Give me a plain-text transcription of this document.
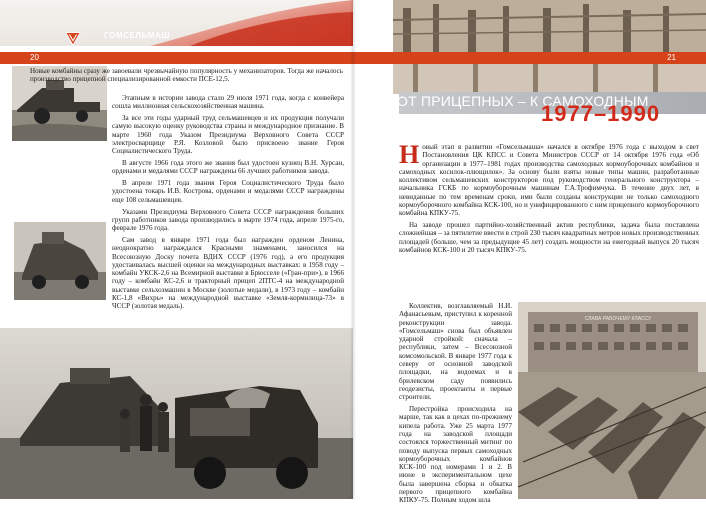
ГОМСЕЛЬМАШ
20

Новые комбайны сразу же завоевали чрезвычайную популярность у механизаторов. Тогда же началось производство прицепной специализированной емкости ПСЕ-12,5.

Этапным в истории завода стало 29 июля 1971 года, когда с конвейера сошла миллионная сельскохозяйственная машина.

За все эти годы ударный труд сельмашевцев и их продукция получали самую высокую оценку руководства страны и международное признание. В марте 1960 года Указом Президиума Верховного Совета СССР электросварщице Р.Я. Козловой было присвоено звание Героя Социалистического Труда.

В августе 1966 года этого же звания был удостоен кузнец В.Н. Хурсан, орденами и медалями СССР награждены 66 лучших работников завода.

В апреле 1971 года звания Героя Социалистического Труда было удостоена токарь И.В. Кострова, орденами и медалями СССР награждены еще 108 сельмашевцев.

Указами Президиума Верховного Совета СССР награждения больших групп работников завода производились в марте 1974 года, апреле 1975-го, феврале 1976 года.

Сам завод в январе 1971 года был награжден орденом Ленина, неоднократно награждался Красными знаменами, заносился на Всесоюзную Доску почета ВДНХ СССР (1976 год), а его продукция удостаивалась высшей оценки на международных выставках: в 1958 году – комбайн УКСК-2,6 на Всемирной выставке в Брюсселе («Гран-при»), в 1966 году – комбайн КС-2,6 и тракторный прицеп 2ПТС-4 на международной выставке сельхозмашин в Москве (золотые медали), в 1973 году – комбайн КС-1,8 «Вихрь» на международной выставке «Земля-кормилица-73» в ЧССР (золотая медаль).

21
ОТ ПРИЦЕПНЫХ – К САМОХОДНЫМ
1977–1990

Новый этап в развитии «Гомсельмаша» начался в октябре 1976 года с выходом в свет Постановления ЦК КПСС и Совета Министров СССР от 14 октября 1976 года «Об организации в 1977–1981 годах производства самоходных кормоуборочных комбайнов и самоходных косилок-плющилок». За основу были взяты новые типы машин, разработанные коллективом сельмашевских конструкторов под руководством генерального конструктора – начальника ГСКБ по кормоуборочным машинам Г.А.Трофимчука. В течение двух лет, в невиданные по тем временам сроки, ими были созданы конструкции не только самоходного кормоуборочного комбайна КСК-100, но и унифицированного с ним прицепного кормоуборочного комбайна КПКУ-75.

На заводе прошел партийно-хозяйственный актив республики, задача была поставлена сложнейшая – за пятилетие ввести в строй 230 тысяч квадратных метров новых производственных площадей (больше, чем за предыдущие 45 лет) создать мощности на ежегодный выпуск 20 тысяч комбайнов КСК-100 и 20 тысяч КПКУ-75.

Коллектив, возглавляемый Н.И. Афанасьевым, приступил к коренной реконструкции завода. «Гомсельмаш» снова был объявлен ударной стройкой: сначала – республики, затем – Всесоюзной комсомольской. В январе 1977 года к северу от основной заводской площадки, на водоемах и в брилевском саду появились геодезисты, проектанты и первые строители.

Перестройка происходила на марше, так как в цехах по-прежнему кипела работа. Уже 25 марта 1977 года на заводской площади состоялся торжественный митинг по поводу выпуска первых самоходных кормоуборочных комбайнов КСК-100 под номерами 1 и 2. В июне в экспериментальном цехе была завершена сборка и обкатка первого прицепного комбайна КПКУ-75. Полным ходом шла

СЛАВА РАБОЧЕМУ КЛАССУ
